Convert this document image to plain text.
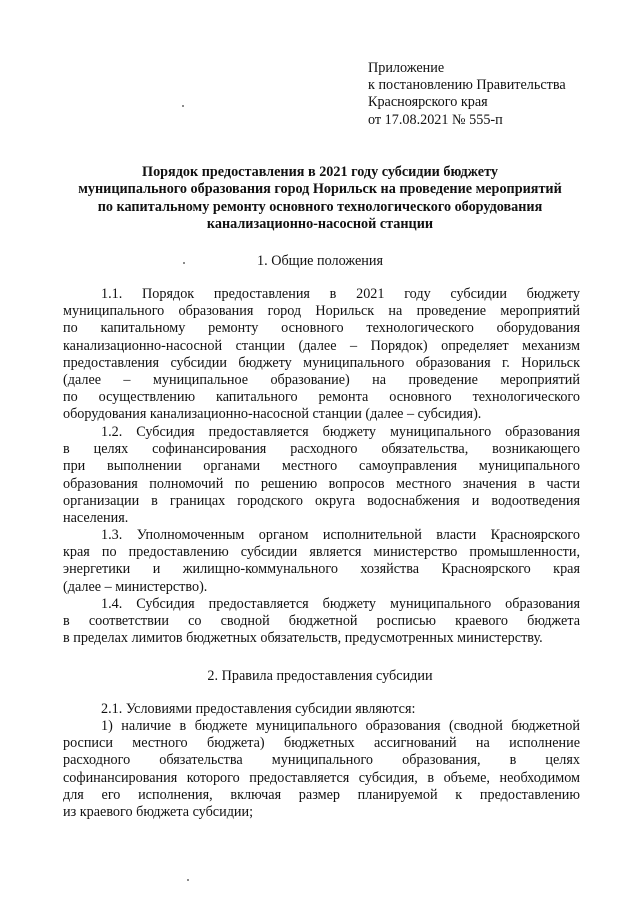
Приложение
к постановлению Правительства
Красноярского края
от 17.08.2021 № 555-п
Порядок предоставления в 2021 году субсидии бюджету
муниципального образования город Норильск на проведение мероприятий
по капитальному ремонту основного технологического оборудования
канализационно-насосной станции
1. Общие положения
1.1. Порядок предоставления в 2021 году субсидии бюджету
муниципального образования город Норильск на проведение мероприятий
по капитальному ремонту основного технологического оборудования
канализационно-насосной станции (далее – Порядок) определяет механизм
предоставления субсидии бюджету муниципального образования г. Норильск
(далее – муниципальное образование) на проведение мероприятий
по осуществлению капитального ремонта основного технологического
оборудования канализационно-насосной станции (далее – субсидия).
1.2. Субсидия предоставляется бюджету муниципального образования
в целях софинансирования расходного обязательства, возникающего
при выполнении органами местного самоуправления муниципального
образования полномочий по решению вопросов местного значения в части
организации в границах городского округа водоснабжения и водоотведения
населения.
1.3. Уполномоченным органом исполнительной власти Красноярского
края по предоставлению субсидии является министерство промышленности,
энергетики и жилищно-коммунального хозяйства Красноярского края
(далее – министерство).
1.4. Субсидия предоставляется бюджету муниципального образования
в соответствии со сводной бюджетной росписью краевого бюджета
в пределах лимитов бюджетных обязательств, предусмотренных министерству.
2. Правила предоставления субсидии
2.1. Условиями предоставления субсидии являются:
1) наличие в бюджете муниципального образования (сводной бюджетной
росписи местного бюджета) бюджетных ассигнований на исполнение
расходного обязательства муниципального образования, в целях
софинансирования которого предоставляется субсидия, в объеме, необходимом
для его исполнения, включая размер планируемой к предоставлению
из краевого бюджета субсидии;
